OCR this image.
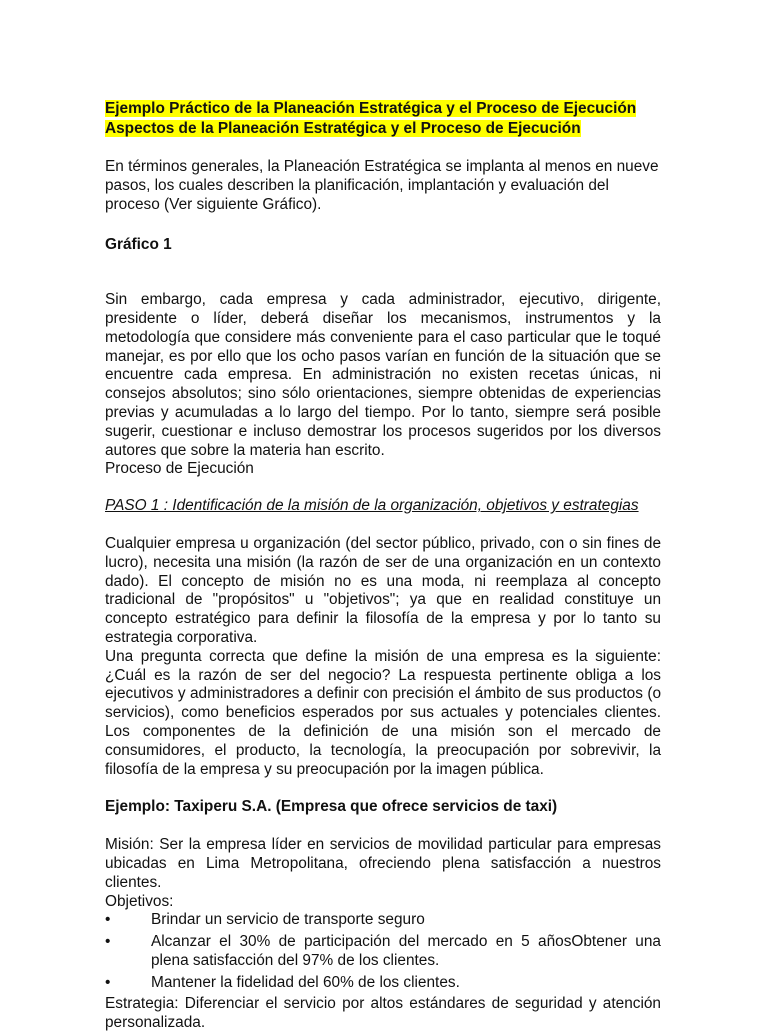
Ejemplo Práctico de la Planeación Estratégica y el Proceso de Ejecución
Aspectos de la Planeación Estratégica y el Proceso de Ejecución

En términos generales, la Planeación Estratégica se implanta al menos en nueve pasos, los cuales describen la planificación, implantación y evaluación del proceso (Ver siguiente Gráfico).

Gráfico 1

Sin embargo, cada empresa y cada administrador, ejecutivo, dirigente, presidente o líder, deberá diseñar los mecanismos, instrumentos y la metodología que considere más conveniente para el caso particular que le toqué manejar, es por ello que los ocho pasos varían en función de la situación que se encuentre cada empresa. En administración no existen recetas únicas, ni consejos absolutos; sino sólo orientaciones, siempre obtenidas de experiencias previas y acumuladas a lo largo del tiempo. Por lo tanto, siempre será posible sugerir, cuestionar e incluso demostrar los procesos sugeridos por los diversos autores que sobre la materia han escrito.

Proceso de Ejecución

PASO 1 : Identificación de la misión de la organización, objetivos y estrategias

Cualquier empresa u organización (del sector público, privado, con o sin fines de lucro), necesita una misión (la razón de ser de una organización en un contexto dado). El concepto de misión no es una moda, ni reemplaza al concepto tradicional de "propósitos" u "objetivos"; ya que en realidad constituye un concepto estratégico para definir la filosofía de la empresa y por lo tanto su estrategia corporativa.

Una pregunta correcta que define la misión de una empresa es la siguiente: ¿Cuál es la razón de ser del negocio? La respuesta pertinente obliga a los ejecutivos y administradores a definir con precisión el ámbito de sus productos (o servicios), como beneficios esperados por sus actuales y potenciales clientes. Los componentes de la definición de una misión son el mercado de consumidores, el producto, la tecnología, la preocupación por sobrevivir, la filosofía de la empresa y su preocupación por la imagen pública.

Ejemplo: Taxiperu S.A. (Empresa que ofrece servicios de taxi)

Misión: Ser la empresa líder en servicios de movilidad particular para empresas ubicadas en Lima Metropolitana, ofreciendo plena satisfacción a nuestros clientes.

Objetivos:

•	Brindar un servicio de transporte seguro
•	Alcanzar el 30% de participación del mercado en 5 añosObtener una plena satisfacción del 97% de los clientes.
•	Mantener la fidelidad del 60% de los clientes.

Estrategia: Diferenciar el servicio por altos estándares de seguridad y atención personalizada.
